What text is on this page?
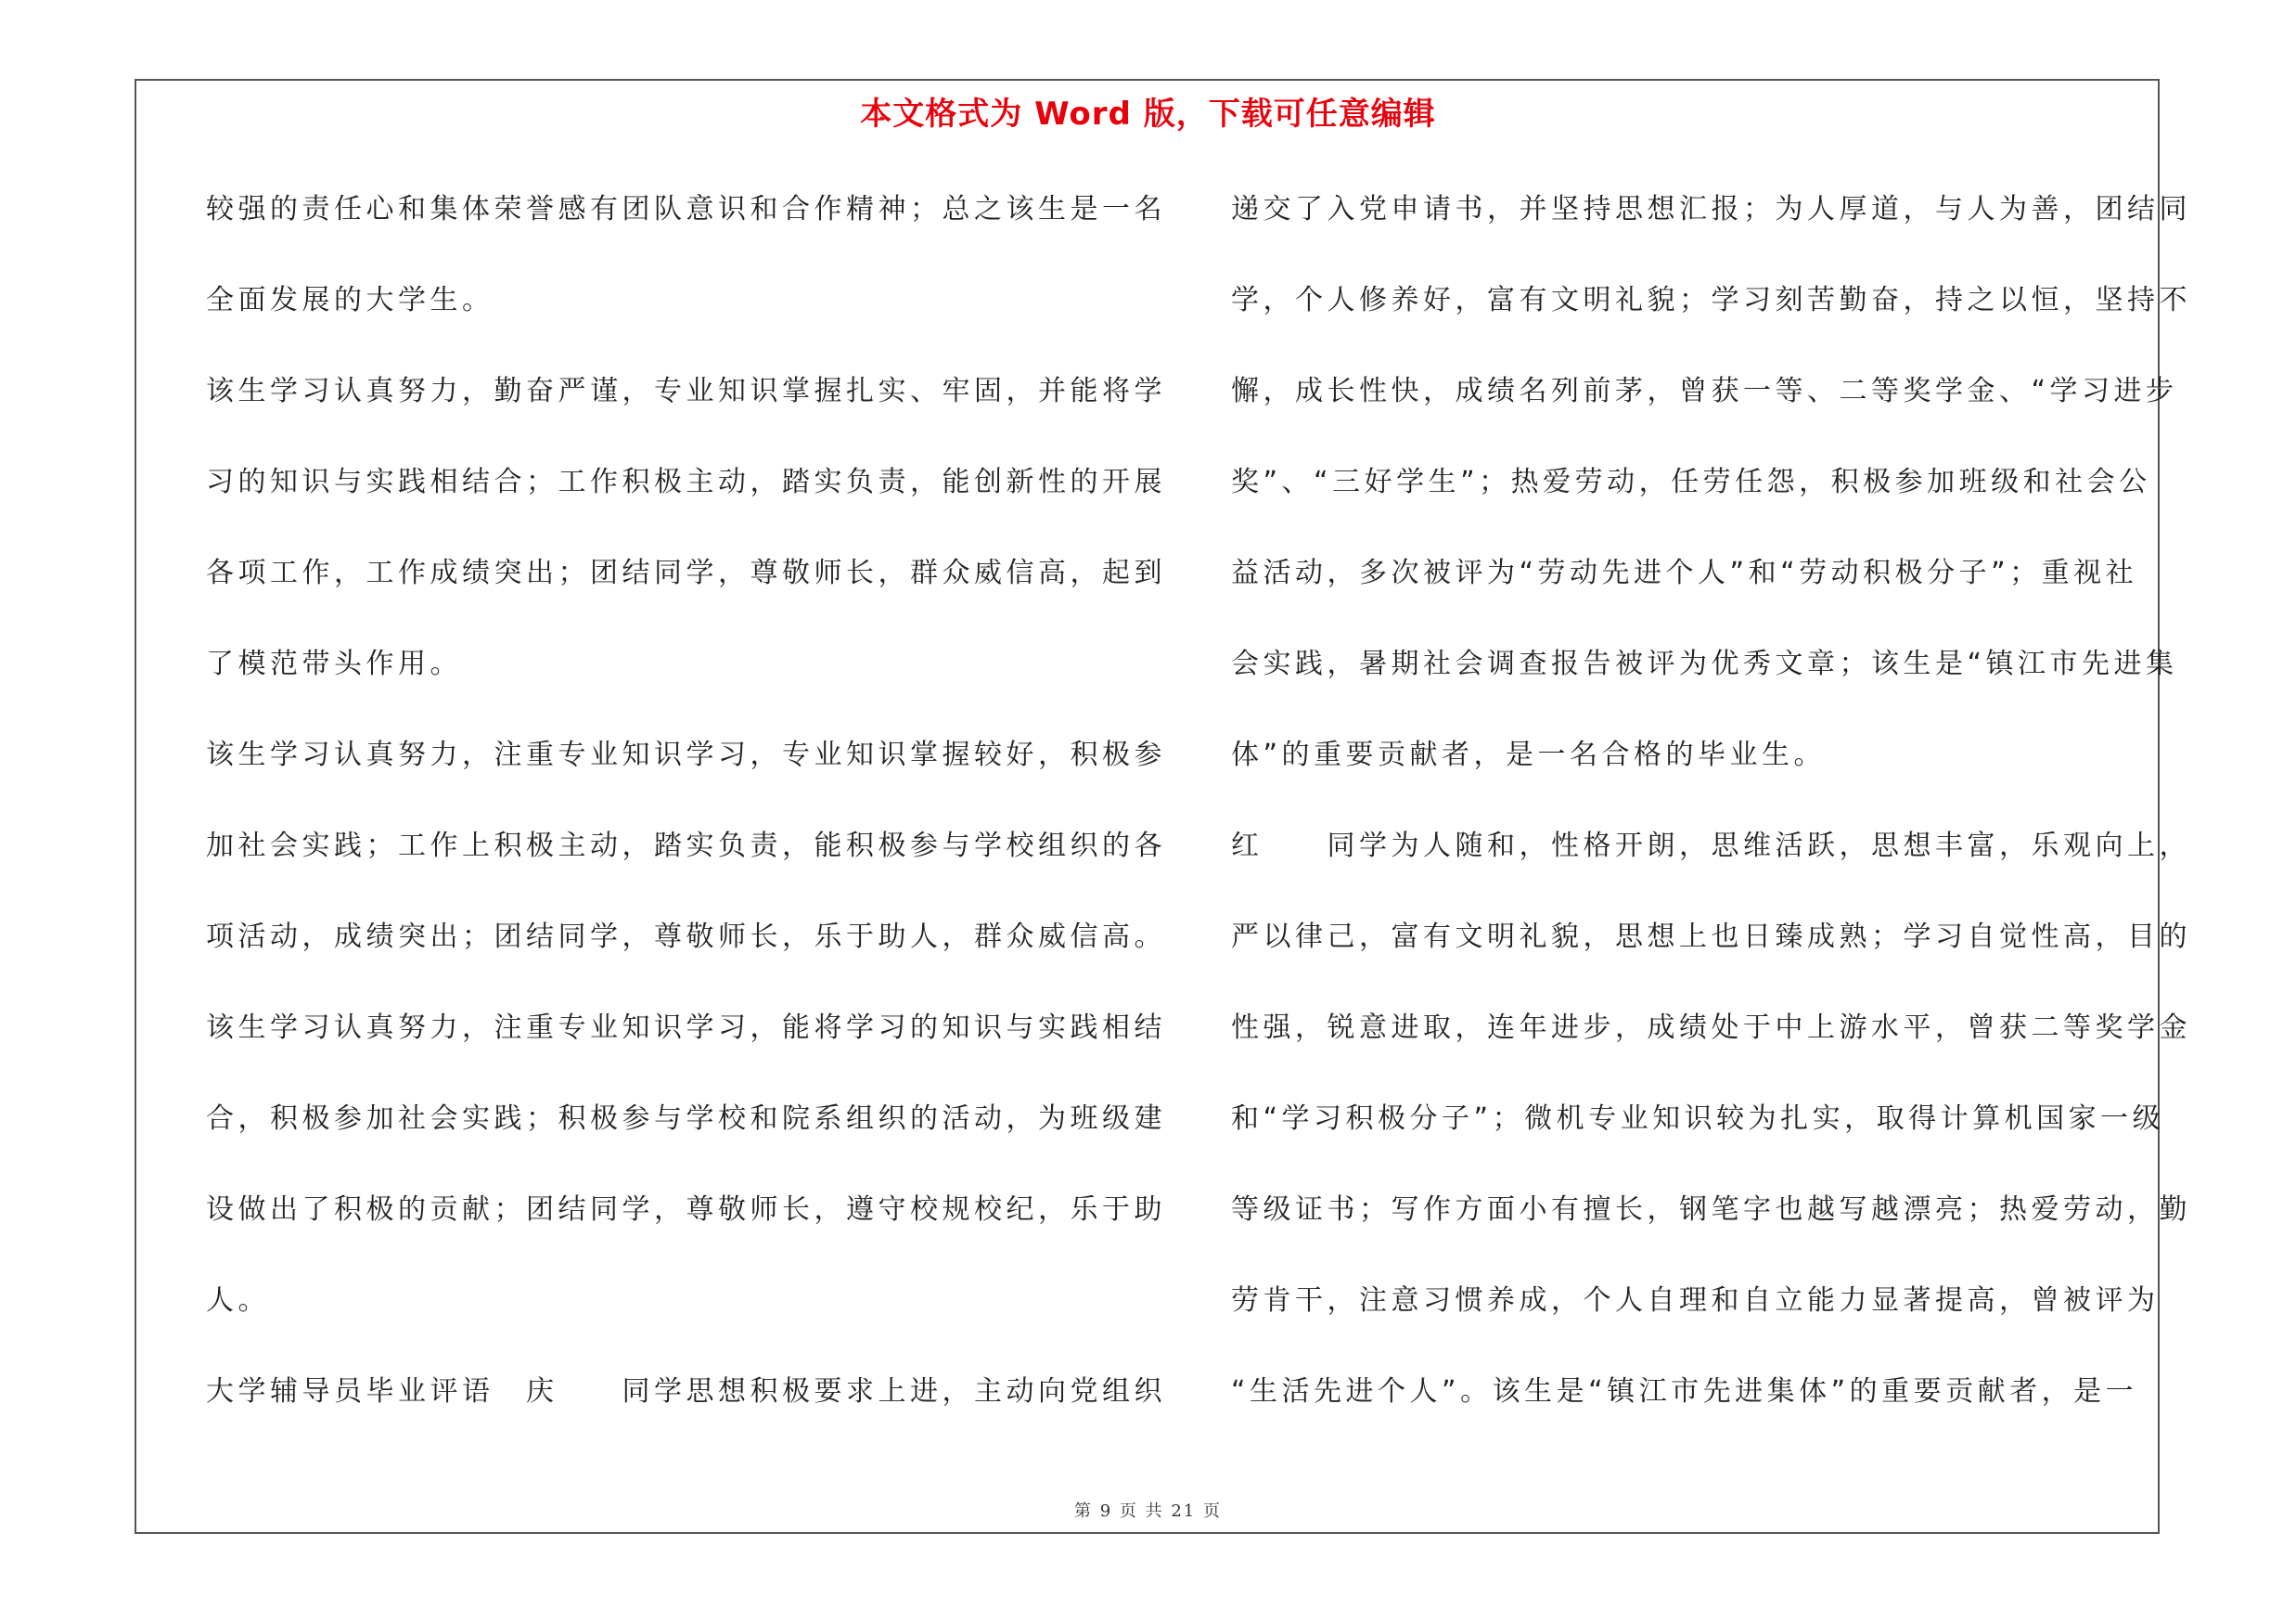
本文格式为 Word 版，下载可任意编辑
较强的责任心和集体荣誉感有团队意识和合作精神；总之该生是一名
全面发展的大学生。
该生学习认真努力，勤奋严谨，专业知识掌握扎实、牢固，并能将学
习的知识与实践相结合；工作积极主动，踏实负责，能创新性的开展
各项工作，工作成绩突出；团结同学，尊敬师长，群众威信高，起到
了模范带头作用。
该生学习认真努力，注重专业知识学习，专业知识掌握较好，积极参
加社会实践；工作上积极主动，踏实负责，能积极参与学校组织的各
项活动，成绩突出；团结同学，尊敬师长，乐于助人，群众威信高。
该生学习认真努力，注重专业知识学习，能将学习的知识与实践相结
合，积极参加社会实践；积极参与学校和院系组织的活动，为班级建
设做出了积极的贡献；团结同学，尊敬师长，遵守校规校纪，乐于助
人。
大学辅导员毕业评语　庆　　同学思想积极要求上进，主动向党组织
递交了入党申请书，并坚持思想汇报；为人厚道，与人为善，团结同
学，个人修养好，富有文明礼貌；学习刻苦勤奋，持之以恒，坚持不
懈，成长性快，成绩名列前茅，曾获一等、二等奖学金、“学习进步
奖”、“三好学生”；热爱劳动，任劳任怨，积极参加班级和社会公
益活动，多次被评为“劳动先进个人”和“劳动积极分子”；重视社
会实践，暑期社会调查报告被评为优秀文章；该生是“镇江市先进集
体”的重要贡献者，是一名合格的毕业生。
红　　同学为人随和，性格开朗，思维活跃，思想丰富，乐观向上，
严以律己，富有文明礼貌，思想上也日臻成熟；学习自觉性高，目的
性强，锐意进取，连年进步，成绩处于中上游水平，曾获二等奖学金
和“学习积极分子”；微机专业知识较为扎实，取得计算机国家一级
等级证书；写作方面小有擅长，钢笔字也越写越漂亮；热爱劳动，勤
劳肯干，注意习惯养成，个人自理和自立能力显著提高，曾被评为
“生活先进个人”。该生是“镇江市先进集体”的重要贡献者，是一
第 9 页 共 21 页
